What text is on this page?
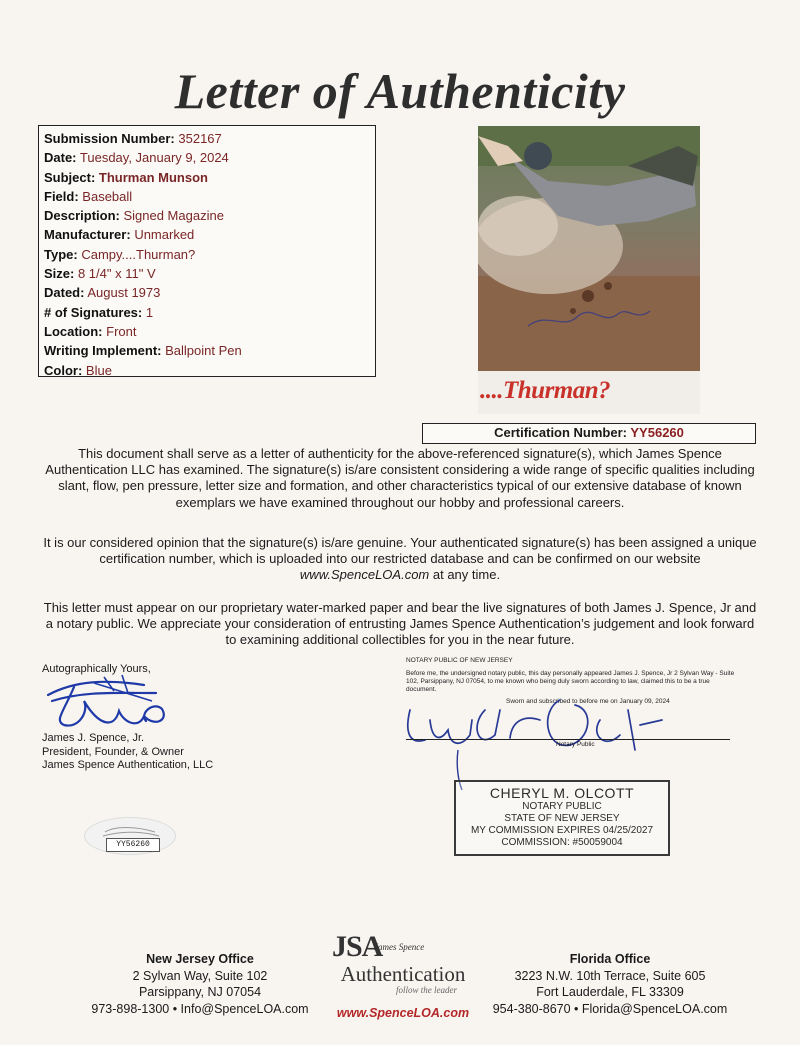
Letter of Authenticity
Submission Number: 352167
Date: Tuesday, January 9, 2024
Subject: Thurman Munson
Field: Baseball
Description: Signed Magazine
Manufacturer: Unmarked
Type: Campy....Thurman?
Size: 8 1/4" x 11" V
Dated: August 1973
# of Signatures: 1
Location: Front
Writing Implement: Ballpoint Pen
Color: Blue
....Thurman?
Certification Number: YY56260
This document shall serve as a letter of authenticity for the above-referenced signature(s), which James Spence Authentication LLC has examined. The signature(s) is/are consistent considering a wide range of specific qualities including slant, flow, pen pressure, letter size and formation, and other characteristics typical of our extensive database of known exemplars we have examined throughout our hobby and professional careers.
It is our considered opinion that the signature(s) is/are genuine. Your authenticated signature(s) has been assigned a unique certification number, which is uploaded into our restricted database and can be confirmed on our website www.SpenceLOA.com at any time.
This letter must appear on our proprietary water-marked paper and bear the live signatures of both James J. Spence, Jr and a notary public. We appreciate your consideration of entrusting James Spence Authentication’s judgement and look forward to examining additional collectibles for you in the near future.
Autographically Yours,
James J. Spence, Jr.
President, Founder, & Owner
James Spence Authentication, LLC
NOTARY PUBLIC OF NEW JERSEY
Before me, the undersigned notary public, this day personally appeared James J. Spence, Jr 2 Sylvan Way - Suite 102, Parsippany, NJ 07054, to me known who being duly sworn according to law, claimed this to be a true document.
Sworn and subscribed to before me on January 09, 2024
Notary Public
CHERYL M. OLCOTT
NOTARY PUBLIC
STATE OF NEW JERSEY
MY COMMISSION EXPIRES 04/25/2027
COMMISSION: #50059004
YY56260
New Jersey Office
2 Sylvan Way, Suite 102
Parsippany, NJ 07054
973-898-1300 • Info@SpenceLOA.com
JSA
James Spence
Authentication
follow the leader
www.SpenceLOA.com
Florida Office
3223 N.W. 10th Terrace, Suite 605
Fort Lauderdale, FL 33309
954-380-8670 • Florida@SpenceLOA.com
